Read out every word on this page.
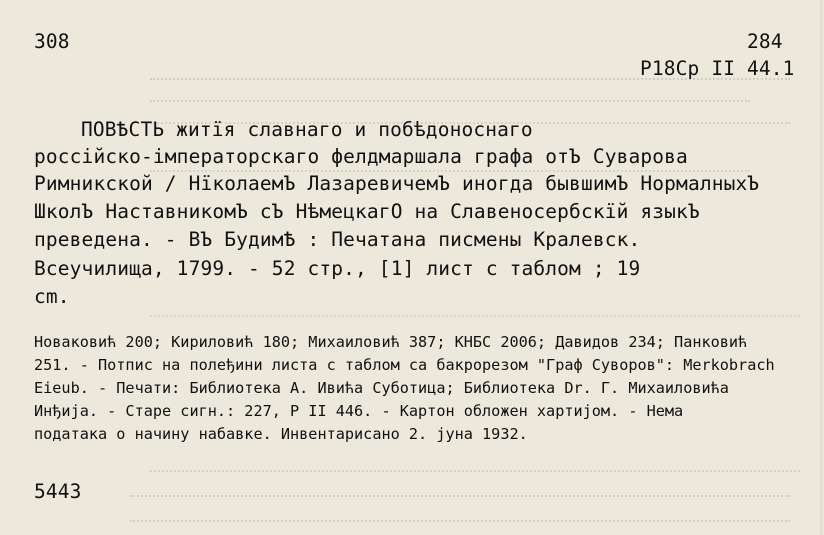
308	284
P18Cp II 44.1
ПОВѢСТЬ житїя славнаго и побѣдоноснаго
россійско-імператорскаго фелдмаршала графа отЪ Суварова
Римникской / НїколаемЪ ЛазаревичемЪ иногда бывшимЪ НормалныхЪ
ШколЪ НаставникомЪ сЪ НѣмецкагО на Славеносербскїй языкЪ
преведена. - ВЪ БудимѢ : Печатана писмены Кралевск.
Всеучилища, 1799. - 52 стр., [1] лист с таблом ; 19
cm.
Новаковић 200; Кириловић 180; Михаиловић 387; КНБС 2006; Давидов 234; Панковић
251. - Потпис на полеђини листа с таблом са бакрорезом "Граф Суворов": Merkobrach
Eieub. - Печати: Библиотека А. Ивића Суботица; Библиотека Dr. Г. Михаиловића
Инђија. - Старе сигн.: 227, P II 446. - Картон обложен хартијом. - Нема
података о начину набавке. Инвентарисано 2. јуна 1932.
5443
